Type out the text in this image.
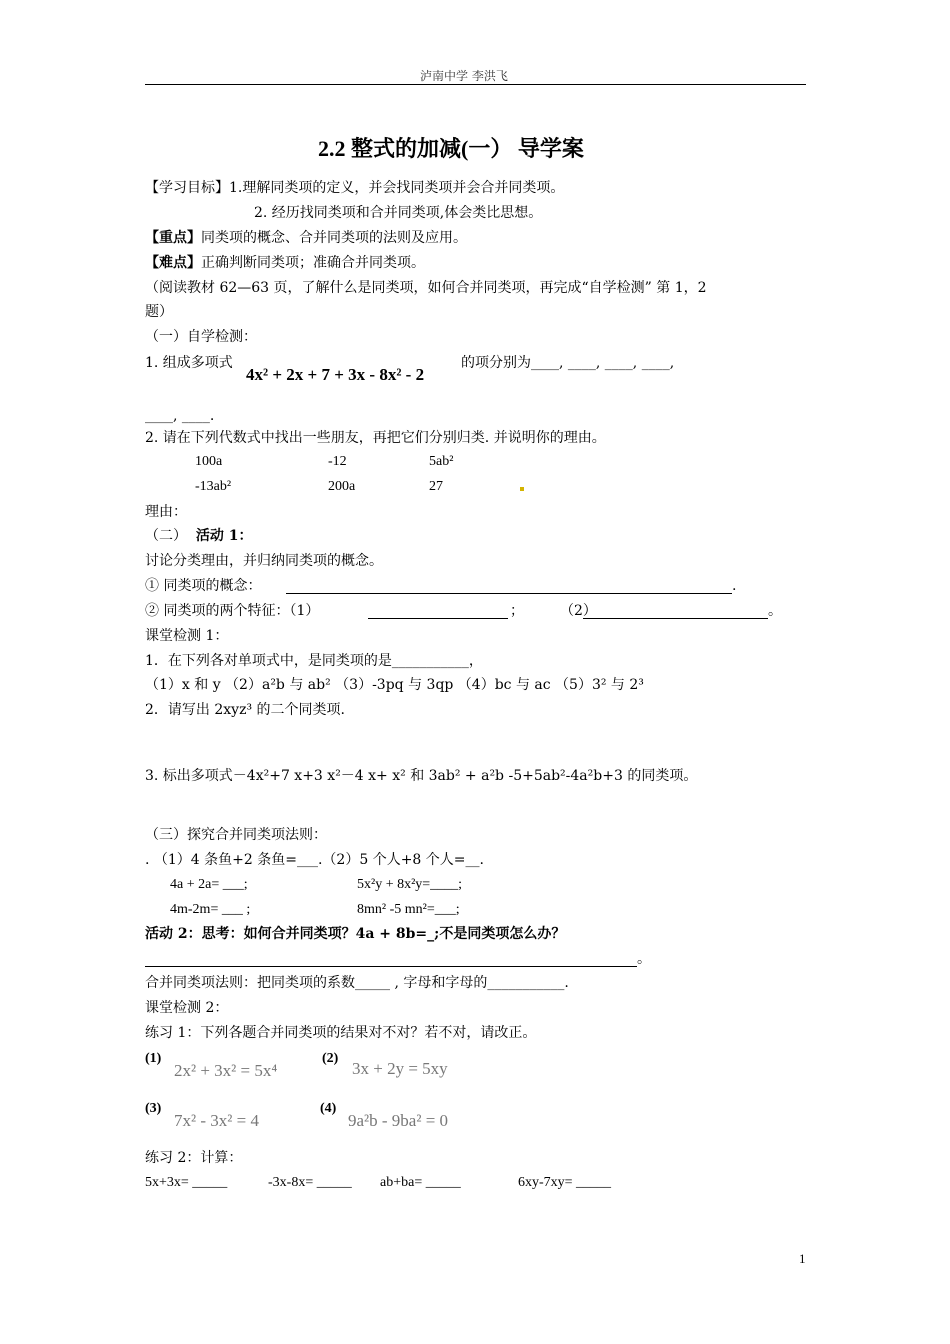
泸南中学 李洪飞
2.2 整式的加减(一） 导学案
【学习目标】1.理解同类项的定义，并会找同类项并会合并同类项。
2. 经历找同类项和合并同类项,体会类比思想。
【重点】同类项的概念、合并同类项的法则及应用。
【难点】正确判断同类项；准确合并同类项。
（阅读教材 62—63 页，了解什么是同类项，如何合并同类项，再完成“自学检测” 第 1，2
题）
（一）自学检测：
1. 组成多项式
4x² + 2x + 7 + 3x - 8x² - 2
的项分别为____, ____, ____, ____,
____, ____.
2. 请在下列代数式中找出一些朋友，再把它们分别归类. 并说明你的理由。
100a	-12	5ab²
-13ab²	200a	27
理由：
（二） 活动 1：
讨论分类理由，并归纳同类项的概念。
① 同类项的概念：	.
② 同类项的两个特征：（1）	；	（2）	。
课堂检测 1：
1．在下列各对单项式中，是同类项的是___________，
（1）x 和 y （2）a²b 与 ab² （3）-3pq 与 3qp （4）bc 与 ac （5）3² 与 2³
2．请写出 2xyz³ 的二个同类项.
3. 标出多项式－4x²+7 x+3 x²－4 x+ x² 和 3ab² + a²b -5+5ab²-4a²b+3 的同类项。
（三）探究合并同类项法则：
. （1）4 条鱼+2 条鱼=___.（2）5 个人+8 个人=__.
4a + 2a= ___;	5x²y + 8x²y=____;
4m-2m= ___ ;	8mn² -5 mn²=___;
活动 2：思考：如何合并同类项？4a + 8b=_;不是同类项怎么办？
。
合并同类项法则：把同类项的系数_____ , 字母和字母的___________.
课堂检测 2：
练习 1：下列各题合并同类项的结果对不对？若不对，请改正。
(1)
2x² + 3x² = 5x⁴
(2)
3x + 2y = 5xy
(3)
7x² - 3x² = 4
(4)
9a²b - 9ba² = 0
练习 2：计算：
5x+3x= _____	-3x-8x= _____ ab+ba= _____	6xy-7xy= _____
1
